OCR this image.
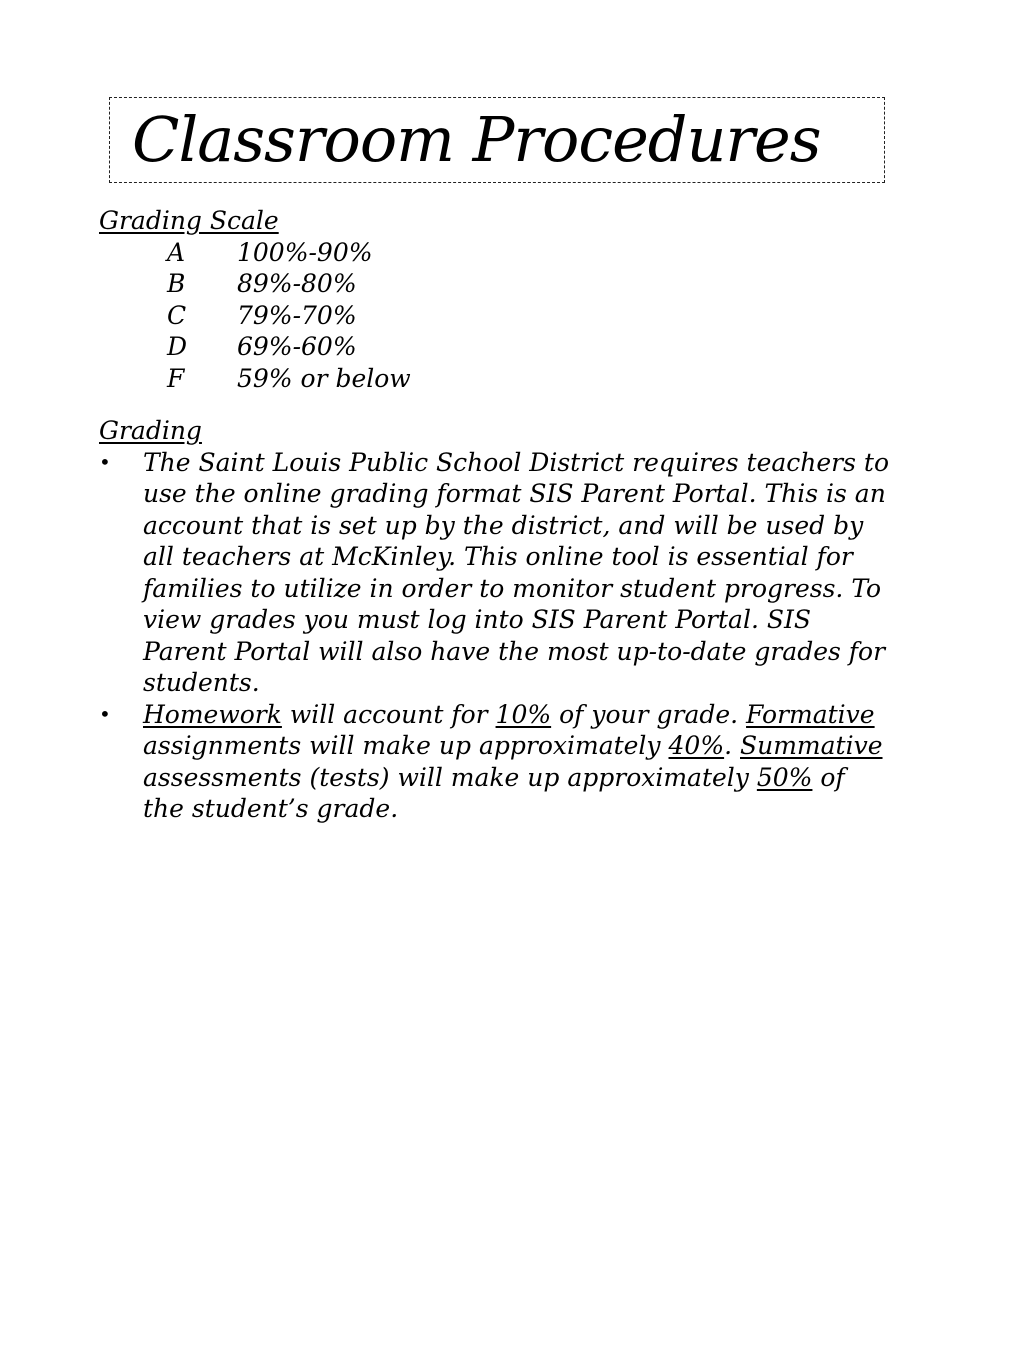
Classroom Procedures
Grading Scale
A 100%-90%
B 89%-80%
C 79%-70%
D 69%-60%
F 59% or below
Grading
• The Saint Louis Public School District requires teachers to use the online grading format SIS Parent Portal. This is an account that is set up by the district, and will be used by all teachers at McKinley. This online tool is essential for families to utilize in order to monitor student progress. To view grades you must log into SIS Parent Portal. SIS Parent Portal will also have the most up-to-date grades for students.
• Homework will account for 10% of your grade. Formative assignments will make up approximately 40%. Summative assessments (tests) will make up approximately 50% of the student’s grade.
